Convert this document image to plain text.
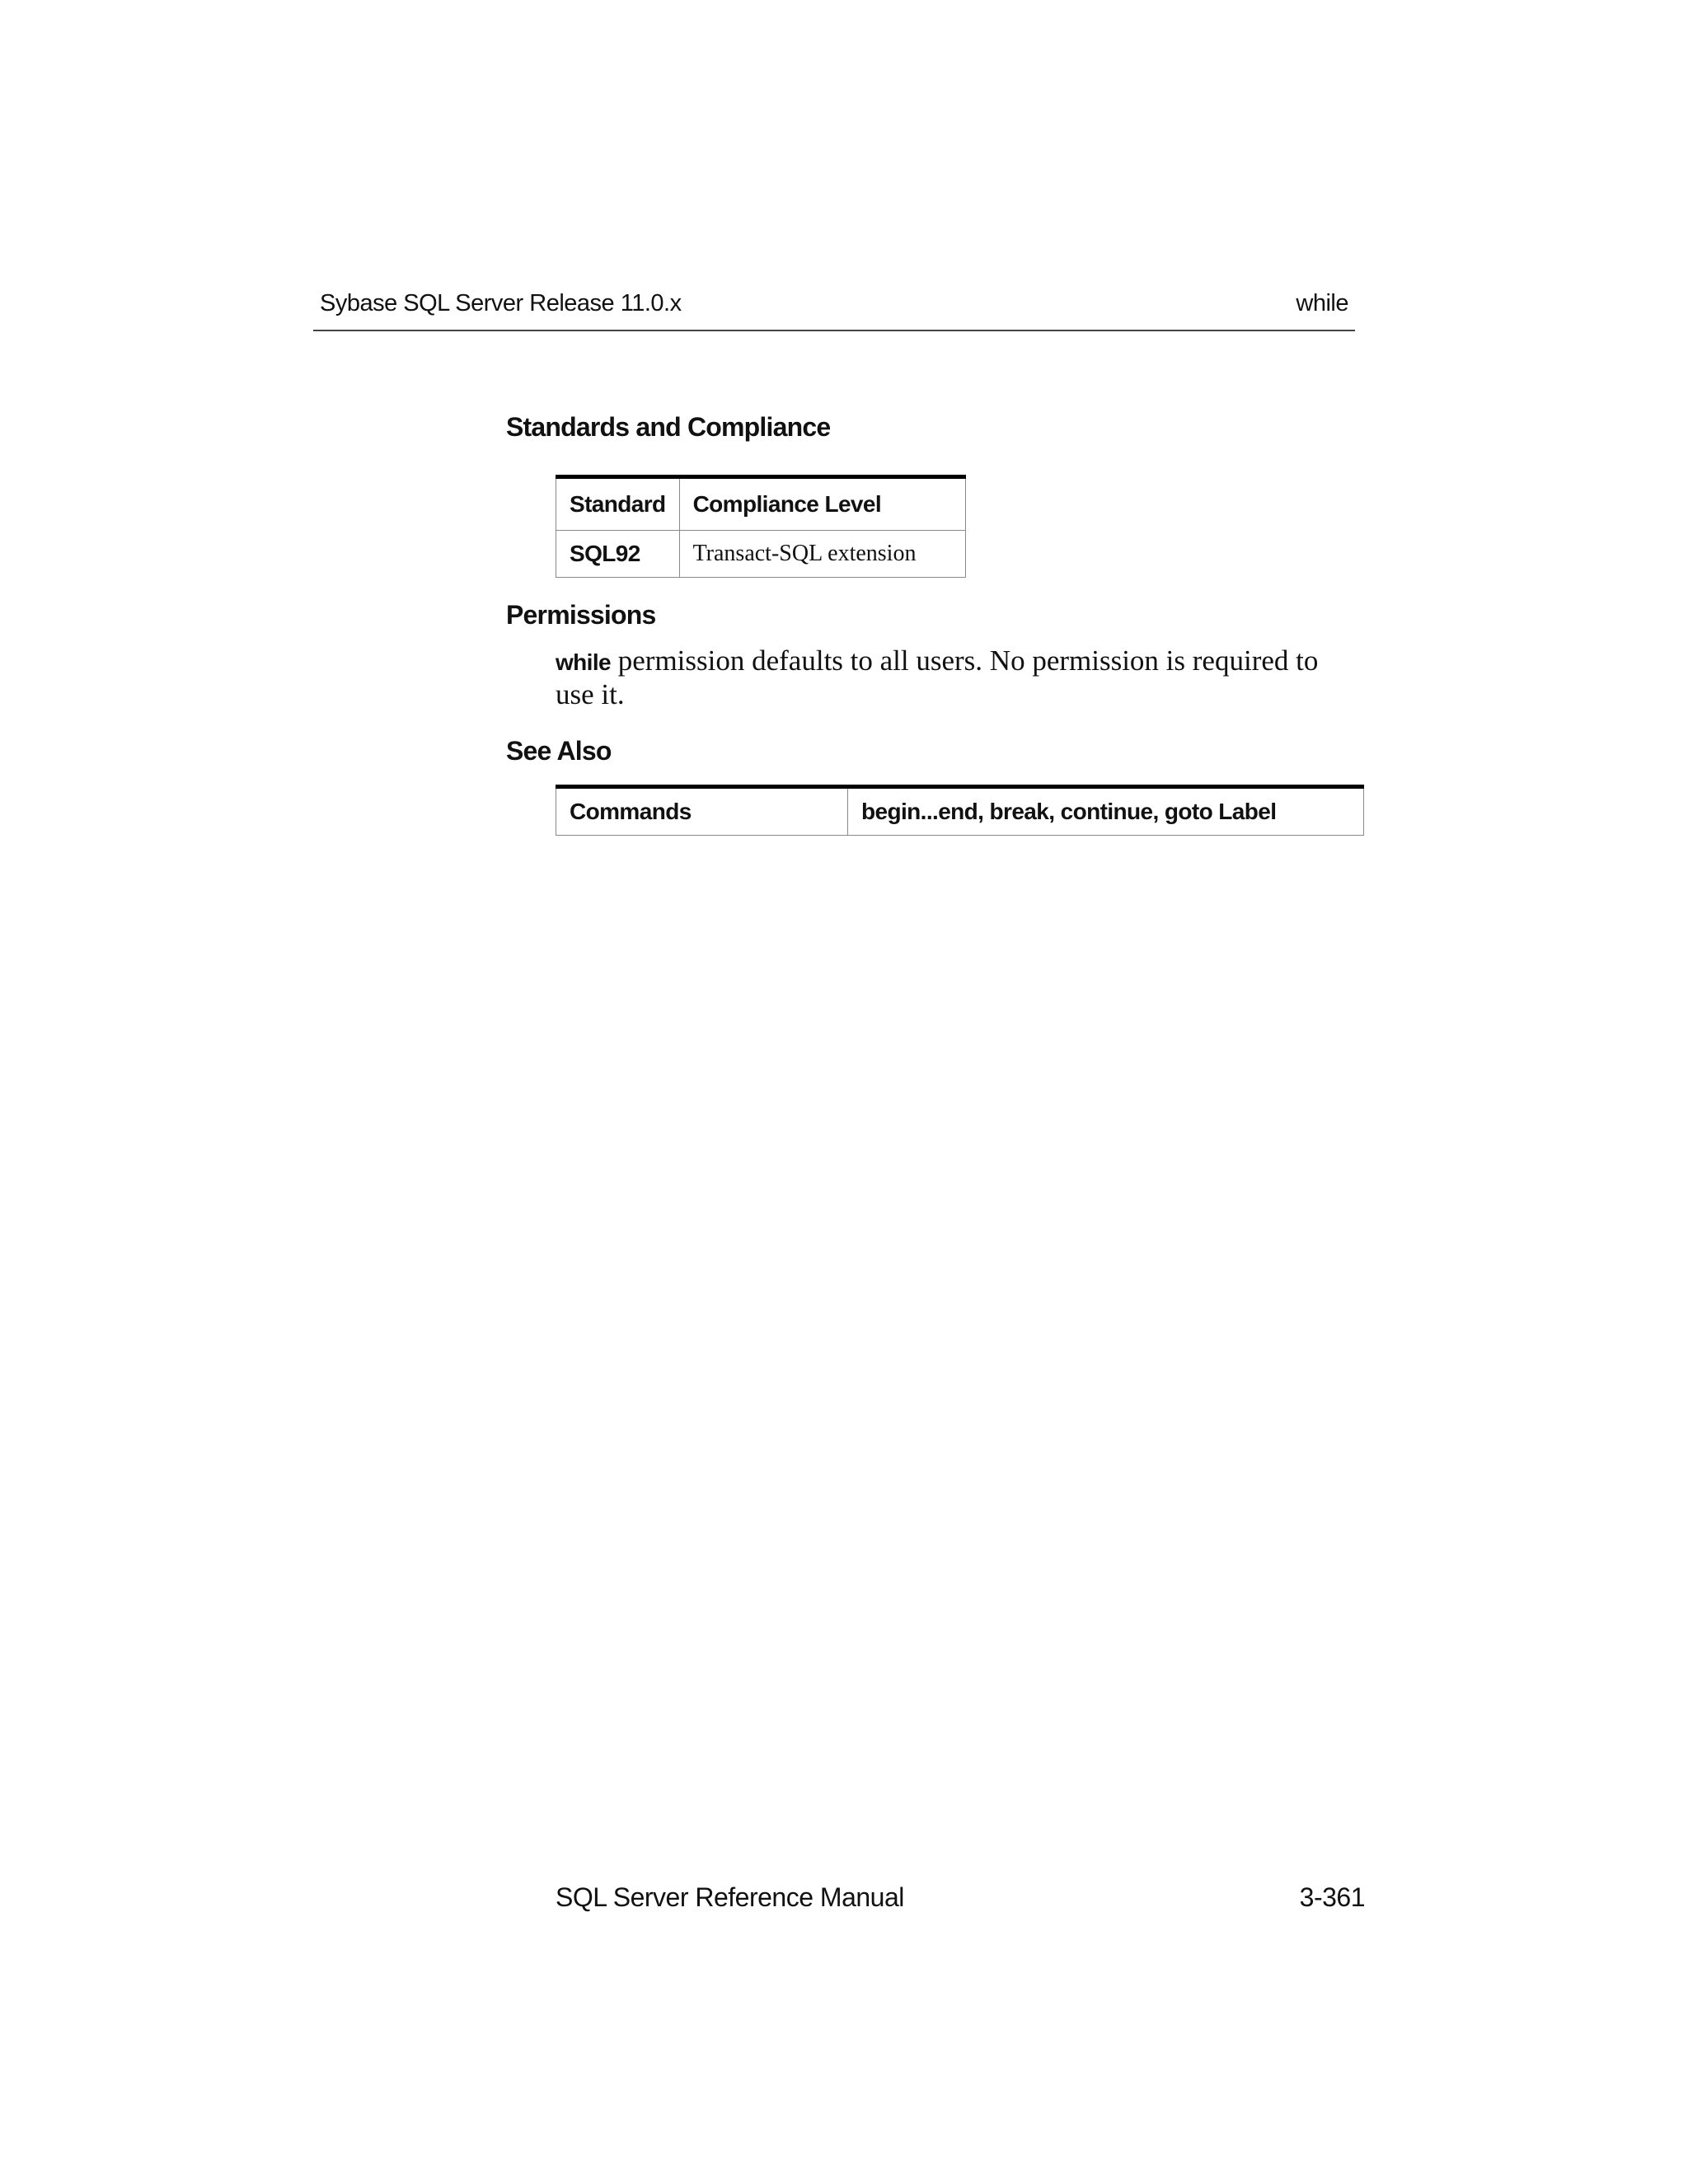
Sybase SQL Server Release 11.0.x	while
Standards and Compliance
Standard	Compliance Level
SQL92	Transact-SQL extension
Permissions
while permission defaults to all users. No permission is required to use it.
See Also
Commands	begin...end, break, continue, goto Label
SQL Server Reference Manual	3-361
